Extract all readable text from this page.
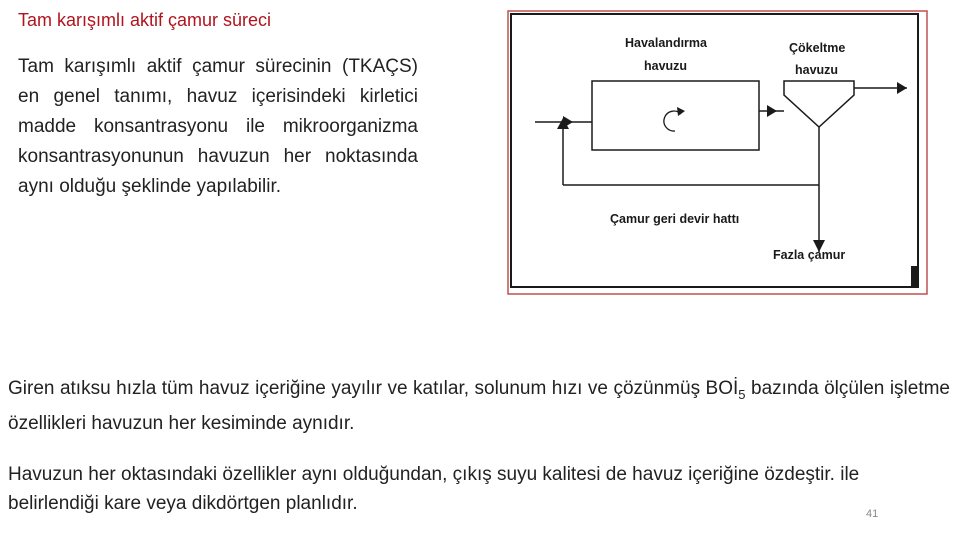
Tam karışımlı aktif çamur süreci
Tam karışımlı aktif çamur sürecinin (TKAÇS) en genel tanımı, havuz içerisindeki kirletici madde konsantrasyonu ile mikroorganizma konsantrasyonunun havuzun her noktasında aynı olduğu şeklinde yapılabilir.
Havalandırma
havuzu
Çökeltme
havuzu
Çamur geri devir hattı
Fazla çamur
Giren atıksu hızla tüm havuz içeriğine yayılır ve katılar, solunum hızı ve çözünmüş $BOİ_5$ bazında ölçülen işletme özellikleri havuzun her kesiminde aynıdır.
Havuzun her oktasındaki özellikler aynı olduğundan, çıkış suyu kalitesi de havuz içeriğine özdeştir. ile belirlendiği kare veya dikdörtgen planlıdır.	41
